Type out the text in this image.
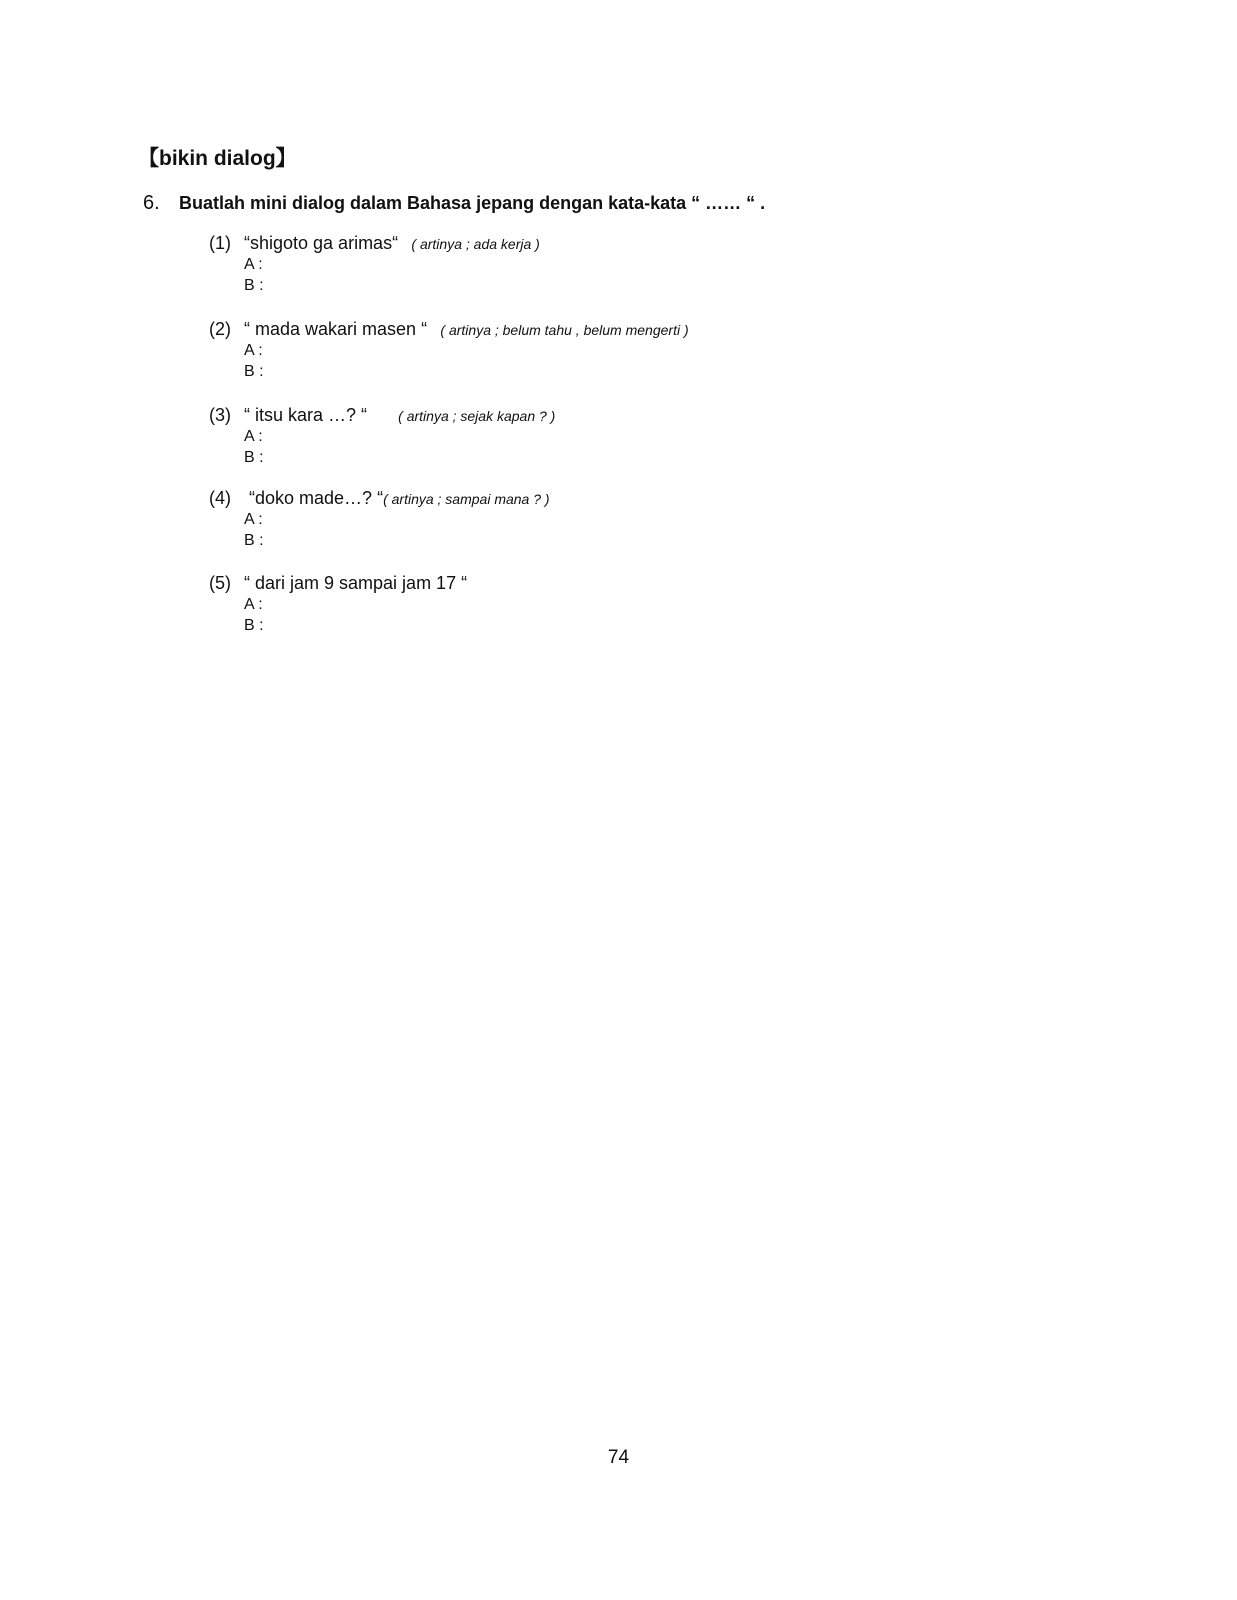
【bikin dialog】
6. Buatlah mini dialog dalam Bahasa jepang dengan kata-kata “ …… “ .
(1) “shigoto ga arimas“ ( artinya ; ada kerja )
A :
B :
(2) “ mada wakari masen “ ( artinya ; belum tahu , belum mengerti )
A :
B :
(3) “ itsu kara …? “ ( artinya ; sejak kapan ? )
A :
B :
(4) “doko made…? “( artinya ; sampai mana ? )
A :
B :
(5) “ dari jam 9 sampai jam 17 “
A :
B :
74
